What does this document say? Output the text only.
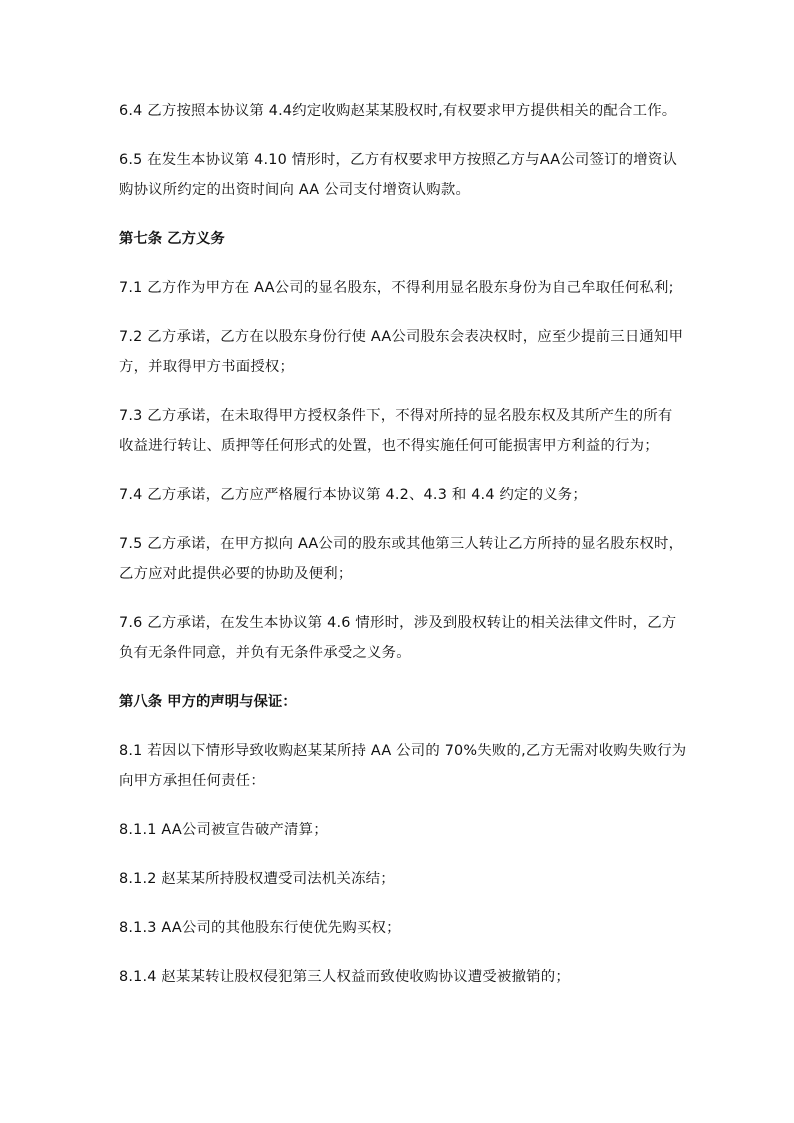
6.4 乙方按照本协议第 4.4约定收购赵某某股权时,有权要求甲方提供相关的配合工作。

6.5 在发生本协议第 4.10 情形时，乙方有权要求甲方按照乙方与AA公司签订的增资认
购协议所约定的出资时间向 AA 公司支付增资认购款。

第七条 乙方义务

7.1 乙方作为甲方在 AA公司的显名股东，不得利用显名股东身份为自己牟取任何私利;

7.2 乙方承诺，乙方在以股东身份行使 AA公司股东会表决权时，应至少提前三日通知甲
方，并取得甲方书面授权；

7.3 乙方承诺，在未取得甲方授权条件下，不得对所持的显名股东权及其所产生的所有
收益进行转让、质押等任何形式的处置，也不得实施任何可能损害甲方利益的行为；

7.4 乙方承诺，乙方应严格履行本协议第 4.2、4.3 和 4.4 约定的义务；

7.5 乙方承诺，在甲方拟向 AA公司的股东或其他第三人转让乙方所持的显名股东权时，
乙方应对此提供必要的协助及便利；

7.6 乙方承诺，在发生本协议第 4.6 情形时，涉及到股权转让的相关法律文件时，乙方
负有无条件同意，并负有无条件承受之义务。

第八条 甲方的声明与保证：

8.1 若因以下情形导致收购赵某某所持 AA 公司的 70%失败的,乙方无需对收购失败行为
向甲方承担任何责任：

8.1.1 AA公司被宣告破产清算；

8.1.2 赵某某所持股权遭受司法机关冻结；

8.1.3 AA公司的其他股东行使优先购买权；

8.1.4 赵某某转让股权侵犯第三人权益而致使收购协议遭受被撤销的；
